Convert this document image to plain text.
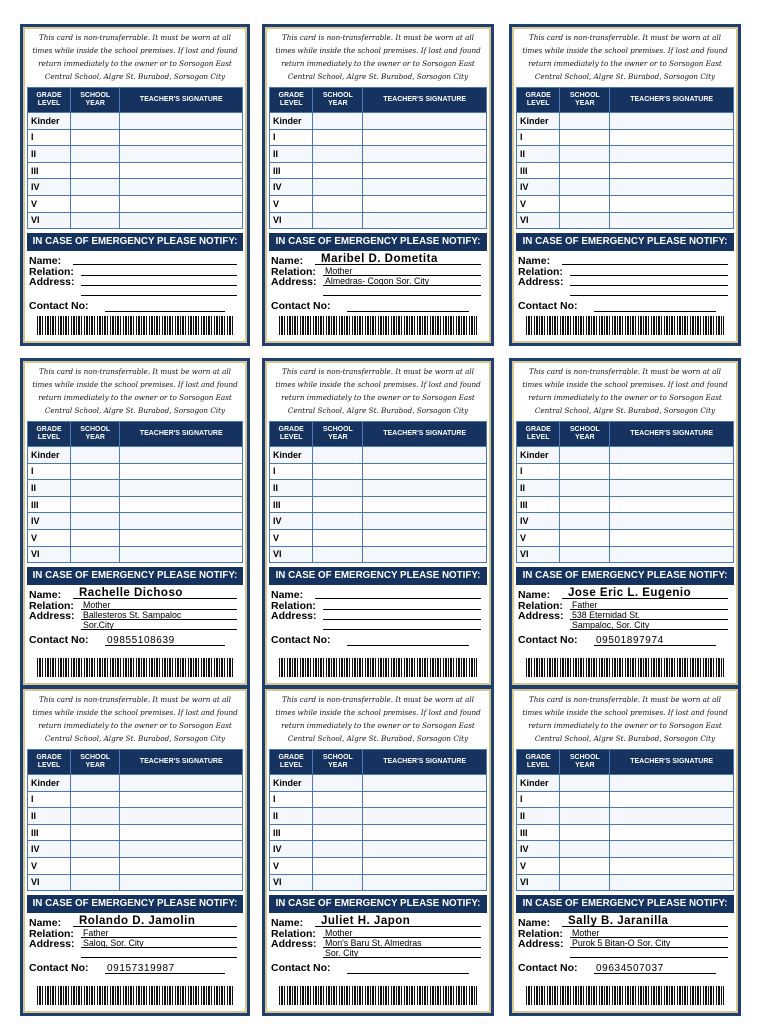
This card is non-transferrable. It must be worn at all times while inside the school premises. If lost and found return immediately to the owner or to Sorsogon East Central School, Algre St. Burabod, Sorsogon City
GRADE LEVEL	SCHOOL YEAR	TEACHER'S SIGNATURE
Kinder		
I		
II		
III		
IV		
V		
VI		
IN CASE OF EMERGENCY PLEASE NOTIFY:
Name:
Relation:
Address:
Contact No:
This card is non-transferrable. It must be worn at all times while inside the school premises. If lost and found return immediately to the owner or to Sorsogon East Central School, Algre St. Burabod, Sorsogon City
GRADE LEVEL	SCHOOL YEAR	TEACHER'S SIGNATURE
Kinder		
I		
II		
III		
IV		
V		
VI		
IN CASE OF EMERGENCY PLEASE NOTIFY:
Name: Maribel D. Dometita
Relation: Mother
Address: Almedras- Cogon Sor. City
Contact No:
This card is non-transferrable. It must be worn at all times while inside the school premises. If lost and found return immediately to the owner or to Sorsogon East Central School, Algre St. Burabod, Sorsogon City
GRADE LEVEL	SCHOOL YEAR	TEACHER'S SIGNATURE
Kinder		
I		
II		
III		
IV		
V		
VI		
IN CASE OF EMERGENCY PLEASE NOTIFY:
Name:
Relation:
Address:
Contact No:
This card is non-transferrable. It must be worn at all times while inside the school premises. If lost and found return immediately to the owner or to Sorsogon East Central School, Algre St. Burabod, Sorsogon City
GRADE LEVEL	SCHOOL YEAR	TEACHER'S SIGNATURE
Kinder		
I		
II		
III		
IV		
V		
VI		
IN CASE OF EMERGENCY PLEASE NOTIFY:
Name: Rachelle Dichoso
Relation: Mother
Address: Ballesteros St. Sampaloc
Sor.City
Contact No: 09855108639
This card is non-transferrable. It must be worn at all times while inside the school premises. If lost and found return immediately to the owner or to Sorsogon East Central School, Algre St. Burabod, Sorsogon City
GRADE LEVEL	SCHOOL YEAR	TEACHER'S SIGNATURE
Kinder		
I		
II		
III		
IV		
V		
VI		
IN CASE OF EMERGENCY PLEASE NOTIFY:
Name:
Relation:
Address:
Contact No:
This card is non-transferrable. It must be worn at all times while inside the school premises. If lost and found return immediately to the owner or to Sorsogon East Central School, Algre St. Burabod, Sorsogon City
GRADE LEVEL	SCHOOL YEAR	TEACHER'S SIGNATURE
Kinder		
I		
II		
III		
IV		
V		
VI		
IN CASE OF EMERGENCY PLEASE NOTIFY:
Name: Jose Eric L. Eugenio
Relation: Father
Address: 538 Eternidad St.
Sampaloc, Sor. City
Contact No: 09501897974
This card is non-transferrable. It must be worn at all times while inside the school premises. If lost and found return immediately to the owner or to Sorsogon East Central School, Algre St. Burabod, Sorsogon City
GRADE LEVEL	SCHOOL YEAR	TEACHER'S SIGNATURE
Kinder		
I		
II		
III		
IV		
V		
VI		
IN CASE OF EMERGENCY PLEASE NOTIFY:
Name: Rolando D. Jamolin
Relation: Father
Address: Salog, Sor. City
Contact No: 09157319987
This card is non-transferrable. It must be worn at all times while inside the school premises. If lost and found return immediately to the owner or to Sorsogon East Central School, Algre St. Burabod, Sorsogon City
GRADE LEVEL	SCHOOL YEAR	TEACHER'S SIGNATURE
Kinder		
I		
II		
III		
IV		
V		
VI		
IN CASE OF EMERGENCY PLEASE NOTIFY:
Name: Juliet H. Japon
Relation: Mother
Address: Mon's Baru St. Almedras
Sor. City
Contact No:
This card is non-transferrable. It must be worn at all times while inside the school premises. If lost and found return immediately to the owner or to Sorsogon East Central School, Algre St. Burabod, Sorsogon City
GRADE LEVEL	SCHOOL YEAR	TEACHER'S SIGNATURE
Kinder		
I		
II		
III		
IV		
V		
VI		
IN CASE OF EMERGENCY PLEASE NOTIFY:
Name: Sally B. Jaranilla
Relation: Mother
Address: Purok 5 Bitan-O Sor. City
Contact No: 09634507037
